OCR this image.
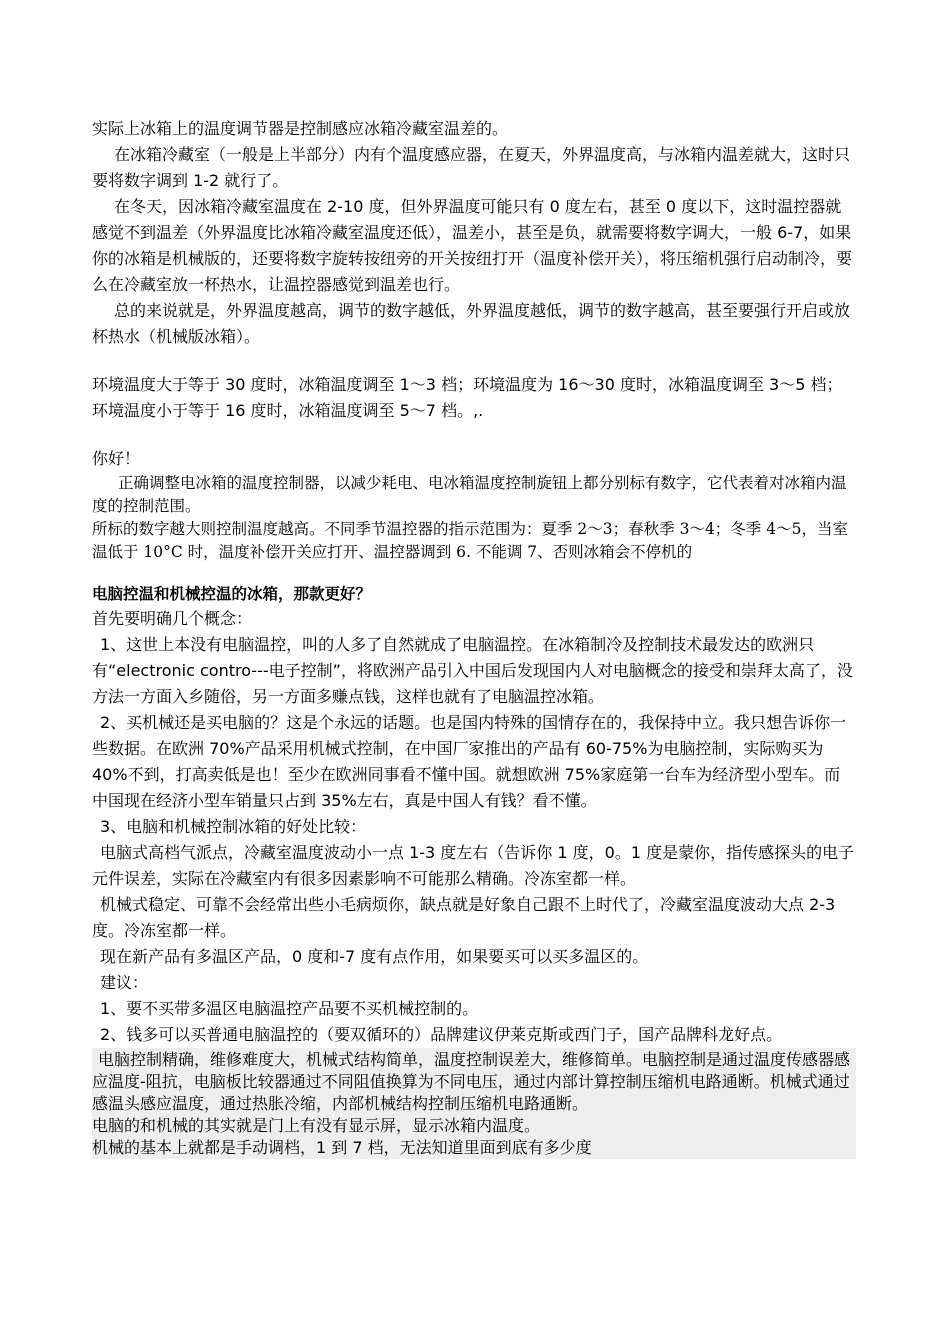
实际上冰箱上的温度调节器是控制感应冰箱冷藏室温差的。

在冰箱冷藏室（一般是上半部分）内有个温度感应器，在夏天，外界温度高，与冰箱内温差就大，这时只要将数字调到 1-2 就行了。

在冬天，因冰箱冷藏室温度在 2-10 度，但外界温度可能只有 0 度左右，甚至 0 度以下，这时温控器就感觉不到温差（外界温度比冰箱冷藏室温度还低），温差小，甚至是负，就需要将数字调大，一般 6-7，如果你的冰箱是机械版的，还要将数字旋转按纽旁的开关按纽打开（温度补偿开关），将压缩机强行启动制冷，要么在冷藏室放一杯热水，让温控器感觉到温差也行。

总的来说就是，外界温度越高，调节的数字越低，外界温度越低，调节的数字越高，甚至要强行开启或放杯热水（机械版冰箱）。

环境温度大于等于 30 度时，冰箱温度调至 1～3 档；环境温度为 16～30 度时，冰箱温度调至 3～5 档；环境温度小于等于 16 度时，冰箱温度调至 5～7 档。,.

你好！

正确调整电冰箱的温度控制器，以减少耗电、电冰箱温度控制旋钮上都分别标有数字，它代表着对冰箱内温度的控制范围。

所标的数字越大则控制温度越高。不同季节温控器的指示范围为：夏季 2～3；春秋季 3～4；冬季 4～5，当室

温低于 10°C 时，温度补偿开关应打开、温控器调到 6. 不能调 7、否则冰箱会不停机的

电脑控温和机械控温的冰箱，那款更好？

首先要明确几个概念：

1、这世上本没有电脑温控，叫的人多了自然就成了电脑温控。在冰箱制冷及控制技术最发达的欧洲只有“electronic contro---电子控制”，将欧洲产品引入中国后发现国内人对电脑概念的接受和崇拜太高了，没方法一方面入乡随俗，另一方面多赚点钱，这样也就有了电脑温控冰箱。

2、买机械还是买电脑的？这是个永远的话题。也是国内特殊的国情存在的，我保持中立。我只想告诉你一些数据。在欧洲 70%产品采用机械式控制，在中国厂家推出的产品有 60-75%为电脑控制，实际购买为 40%不到，打高卖低是也！至少在欧洲同事看不懂中国。就想欧洲 75%家庭第一台车为经济型小型车。而中国现在经济小型车销量只占到 35%左右，真是中国人有钱？看不懂。

3、电脑和机械控制冰箱的好处比较：

电脑式高档气派点，冷藏室温度波动小一点 1-3 度左右（告诉你 1 度，0。1 度是蒙你，指传感探头的电子元件误差，实际在冷藏室内有很多因素影响不可能那么精确。冷冻室都一样。

机械式稳定、可靠不会经常出些小毛病烦你，缺点就是好象自己跟不上时代了，冷藏室温度波动大点 2-3 度。冷冻室都一样。

现在新产品有多温区产品，0 度和-7 度有点作用，如果要买可以买多温区的。

建议：

1、要不买带多温区电脑温控产品要不买机械控制的。

2、钱多可以买普通电脑温控的（要双循环的）品牌建议伊莱克斯或西门子，国产品牌科龙好点。

电脑控制精确，维修难度大，机械式结构简单，温度控制误差大，维修简单。电脑控制是通过温度传感器感应温度-阻抗，电脑板比较器通过不同阻值换算为不同电压，通过内部计算控制压缩机电路通断。机械式通过感温头感应温度，通过热胀冷缩，内部机械结构控制压缩机电路通断。
电脑的和机械的其实就是门上有没有显示屏，显示冰箱内温度。
机械的基本上就都是手动调档，1 到 7 档，无法知道里面到底有多少度
